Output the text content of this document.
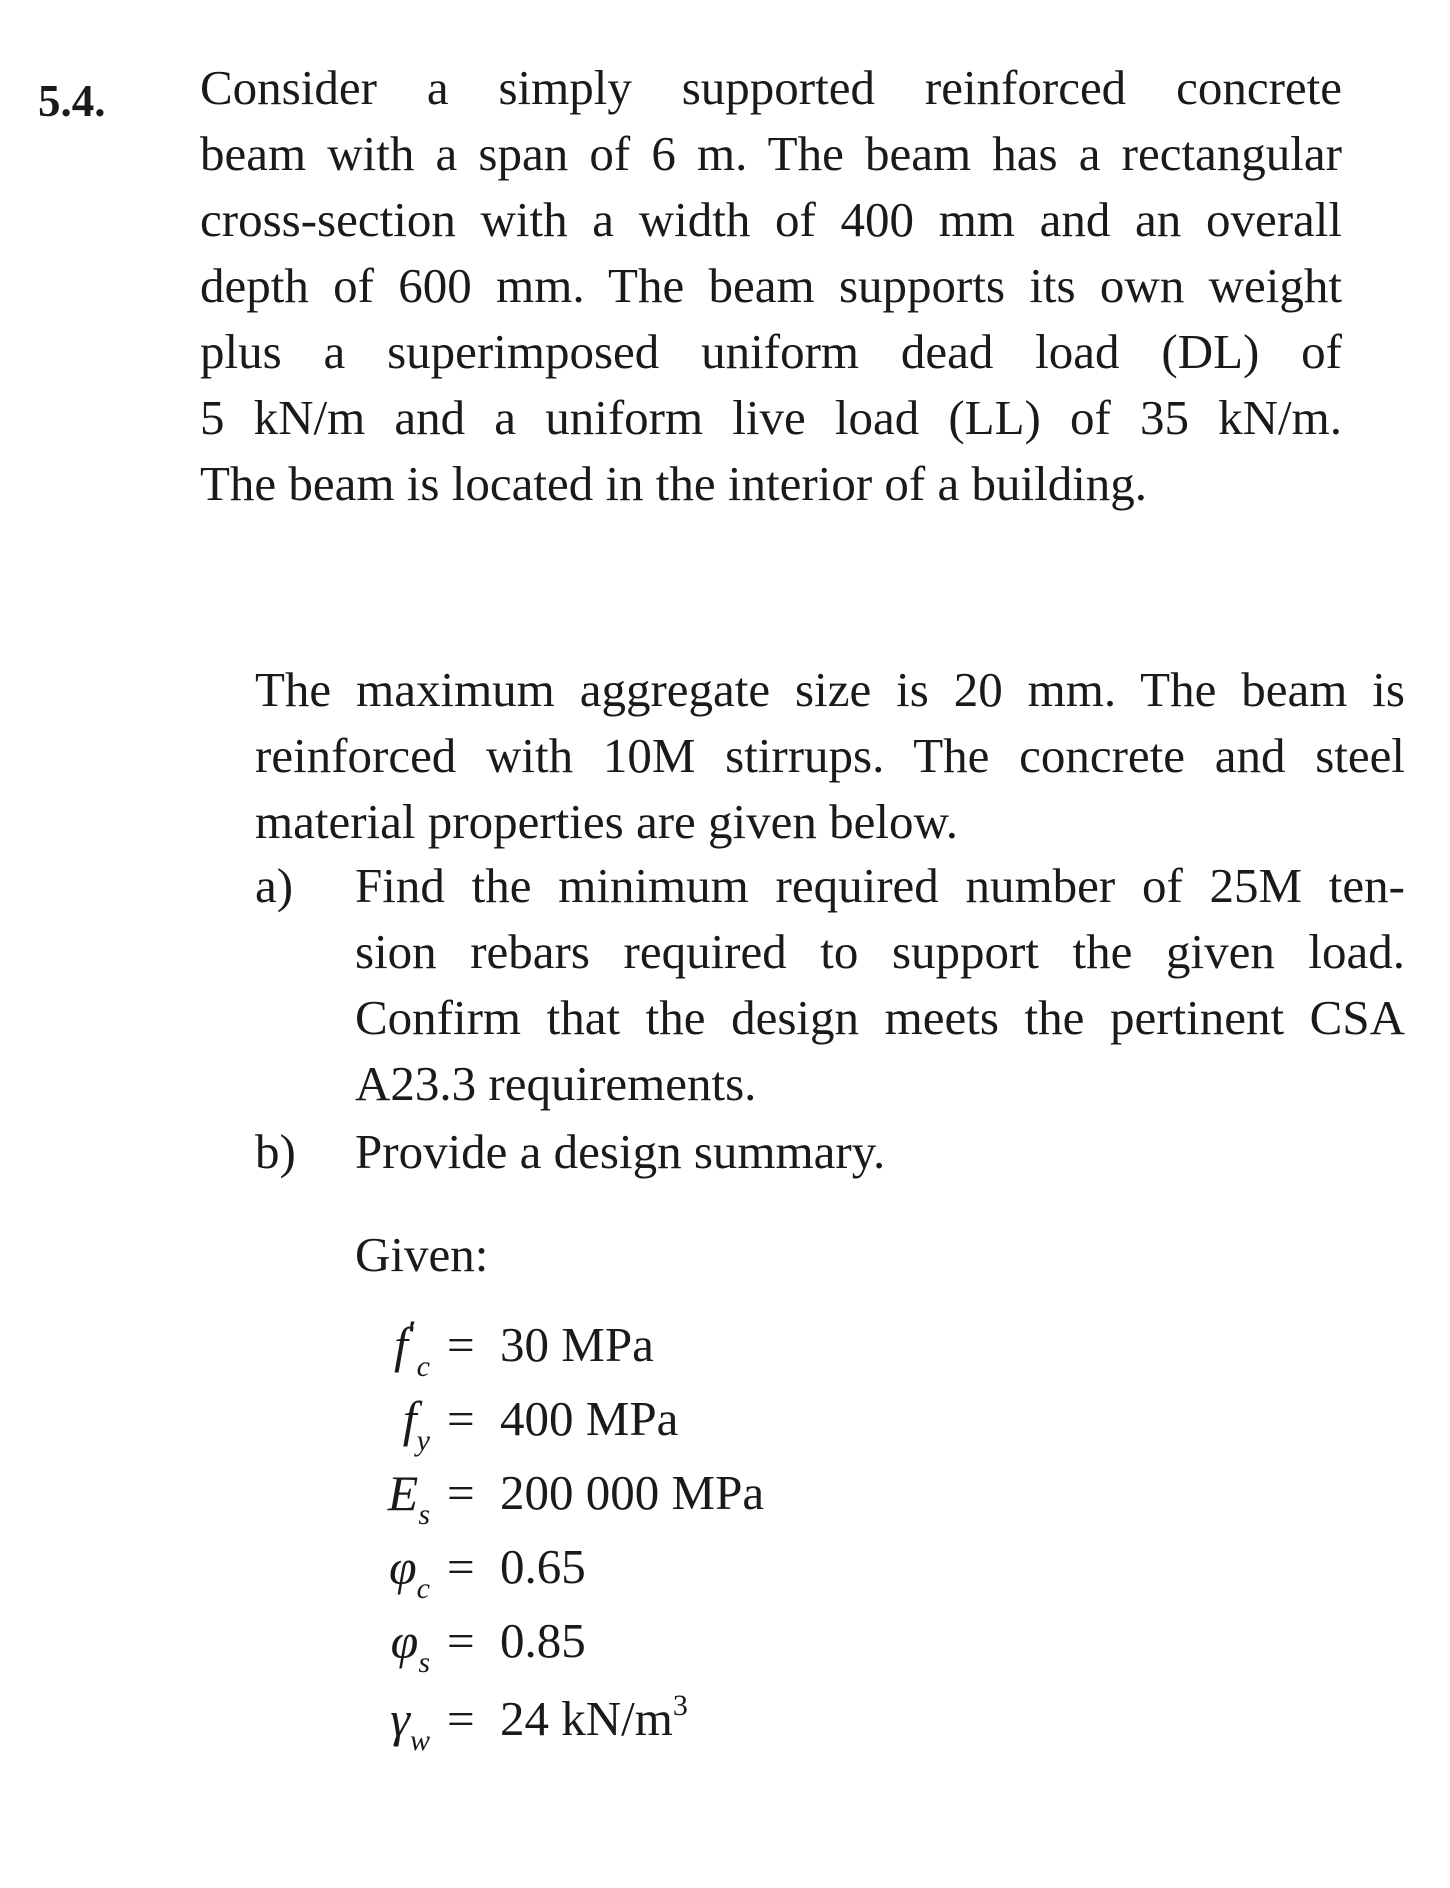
5.4. Consider a simply supported reinforced concrete
beam with a span of 6 m. The beam has a rectangular
cross-section with a width of 400 mm and an overall
depth of 600 mm. The beam supports its own weight
plus a superimposed uniform dead load (DL) of
5 kN/m and a uniform live load (LL) of 35 kN/m.
The beam is located in the interior of a building.
The maximum aggregate size is 20 mm. The beam is
reinforced with 10M stirrups. The concrete and steel
material properties are given below.
a) Find the minimum required number of 25M ten-
sion rebars required to support the given load.
Confirm that the design meets the pertinent CSA
A23.3 requirements.
b) Provide a design summary.
Given:
$f'_c = 30$ MPa
$f_y = 400$ MPa
$E_s = 200$ 000 MPa
$\varphi_c = 0.65$
$\varphi_s = 0.85$
$\gamma_w = 24$ $kN/m^3$
